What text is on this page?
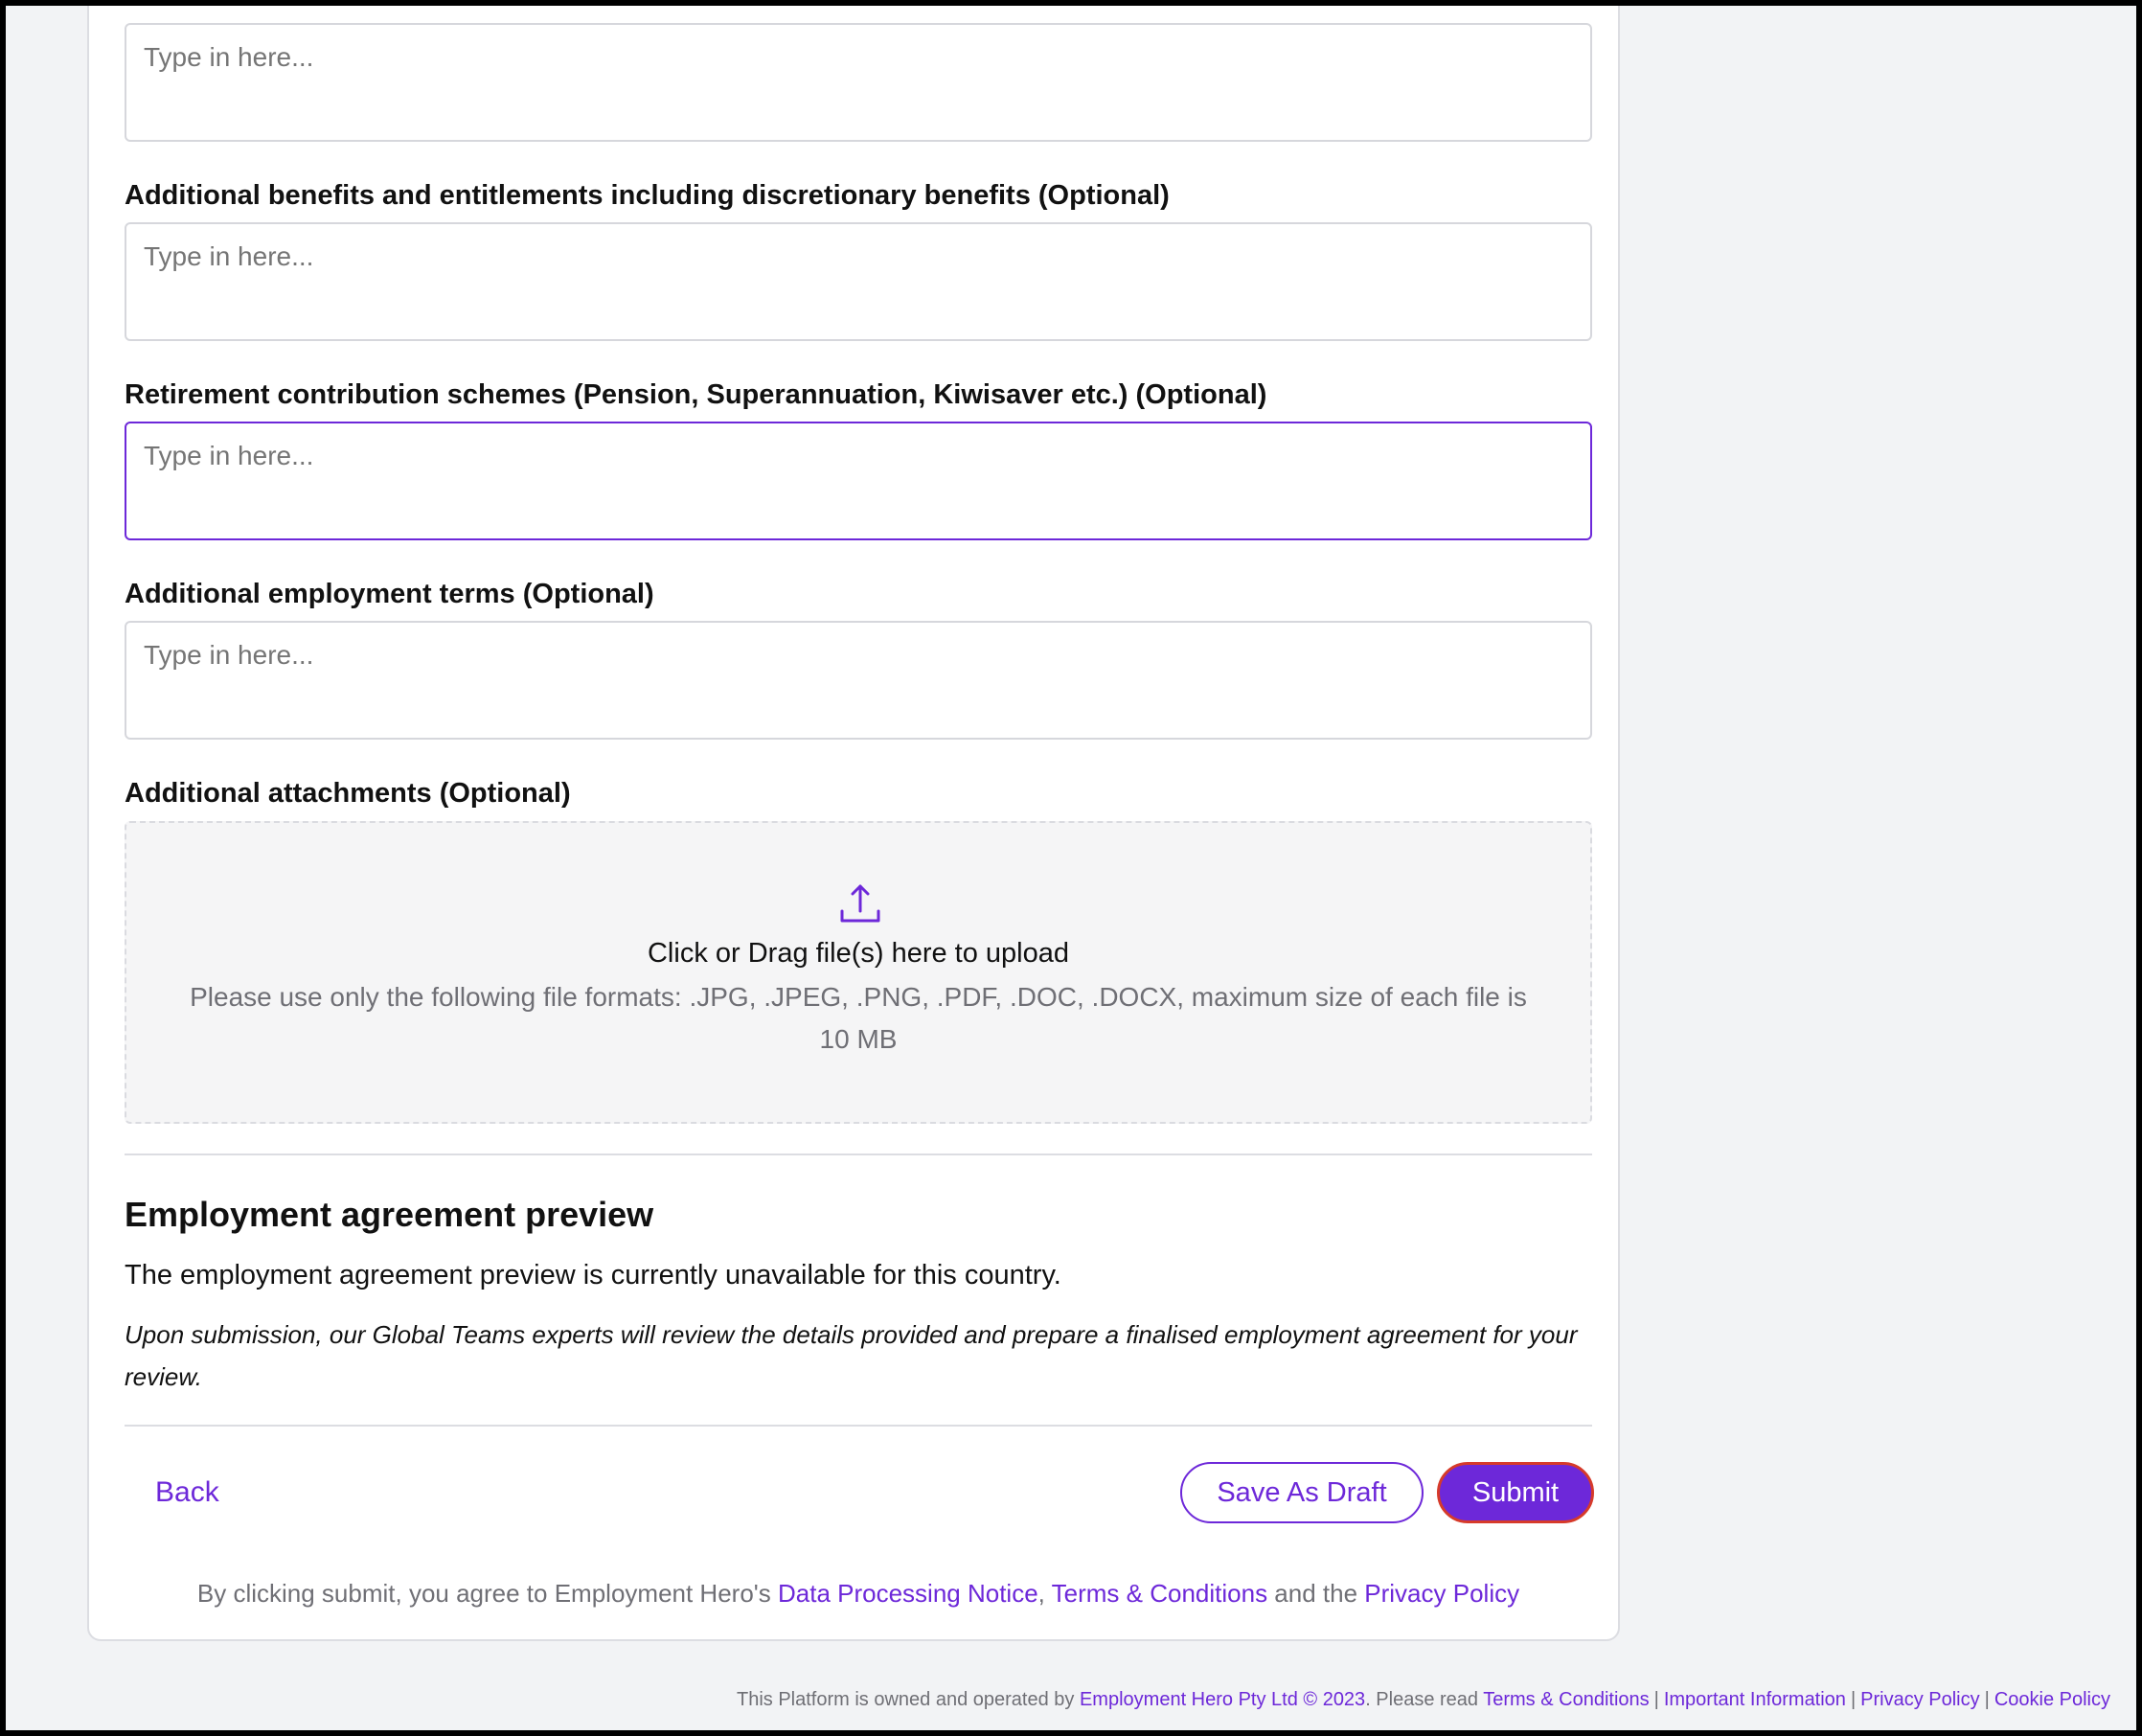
Type in here...
Additional benefits and entitlements including discretionary benefits (Optional)
Type in here...
Retirement contribution schemes (Pension, Superannuation, Kiwisaver etc.) (Optional)
Type in here...
Additional employment terms (Optional)
Type in here...
Additional attachments (Optional)
Click or Drag file(s) here to upload
Please use only the following file formats: .JPG, .JPEG, .PNG, .PDF, .DOC, .DOCX, maximum size of each file is 10 MB
Employment agreement preview
The employment agreement preview is currently unavailable for this country.
Upon submission, our Global Teams experts will review the details provided and prepare a finalised employment agreement for your review.
Back	Save As Draft	Submit
By clicking submit, you agree to Employment Hero's Data Processing Notice, Terms & Conditions and the Privacy Policy
This Platform is owned and operated by Employment Hero Pty Ltd © 2023. Please read Terms & Conditions | Important Information | Privacy Policy | Cookie Policy
